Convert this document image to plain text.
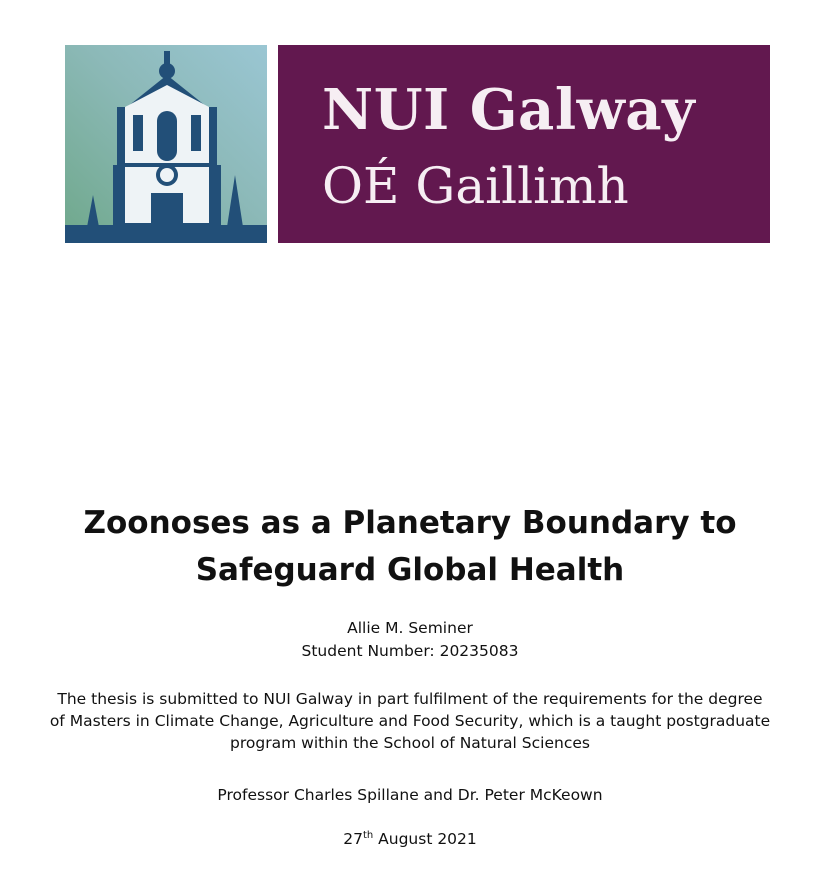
NUI Galway
OÉ Gaillimh
Zoonoses as a Planetary Boundary to
Safeguard Global Health
Allie M. Seminer
Student Number: 20235083
The thesis is submitted to NUI Galway in part fulfilment of the requirements for the degree
of Masters in Climate Change, Agriculture and Food Security, which is a taught postgraduate
program within the School of Natural Sciences
Professor Charles Spillane and Dr. Peter McKeown
27th August 2021
